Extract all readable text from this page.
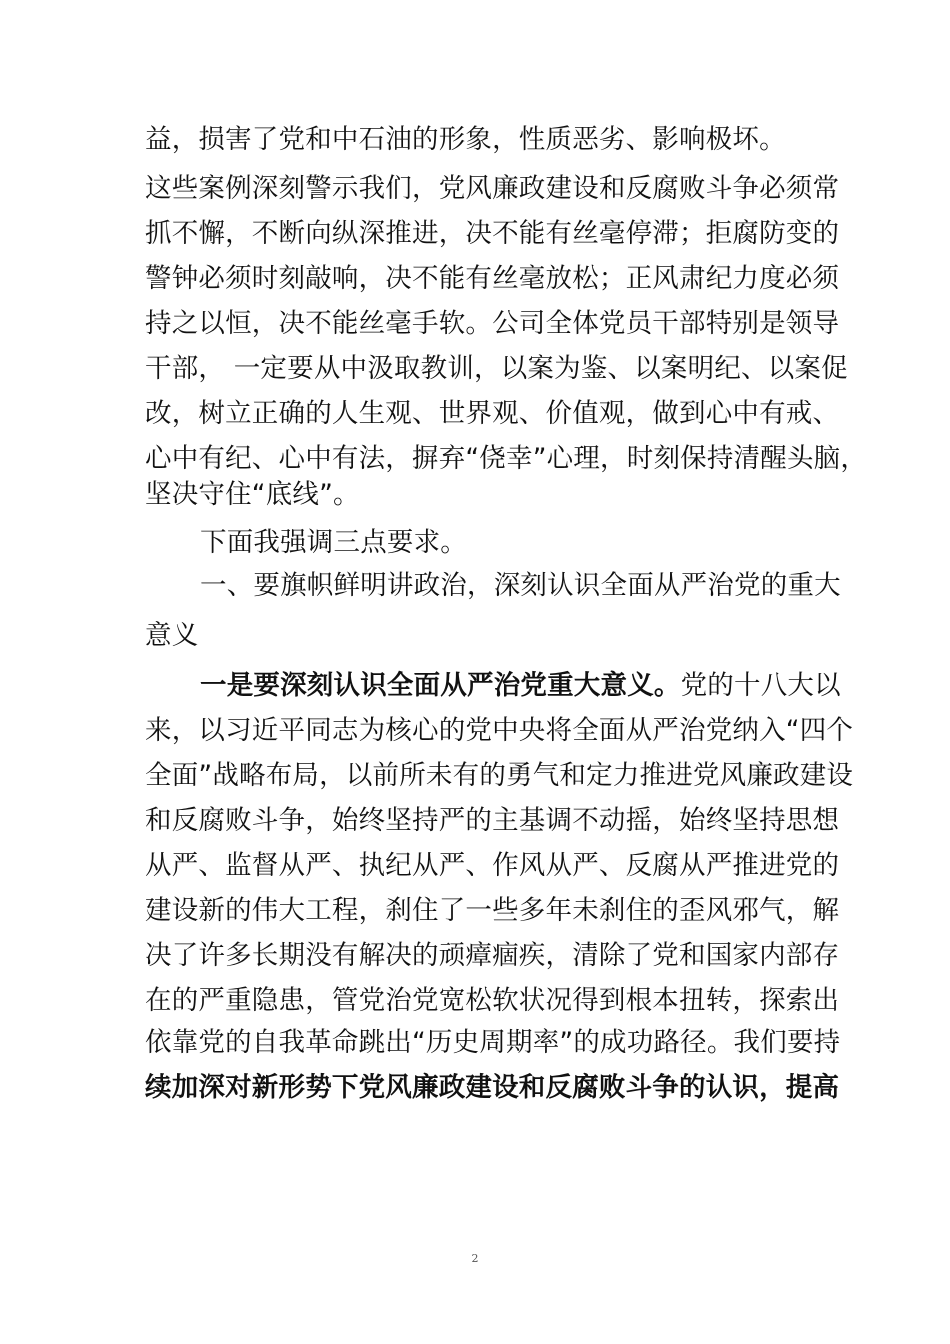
益，损害了党和中石油的形象，性质恶劣、影响极坏。
这些案例深刻警示我们，党风廉政建设和反腐败斗争必须常
抓不懈，不断向纵深推进，决不能有丝毫停滞；拒腐防变的
警钟必须时刻敲响，决不能有丝毫放松；正风肃纪力度必须
持之以恒，决不能丝毫手软。公司全体党员干部特别是领导
干部， 一定要从中汲取教训，以案为鉴、以案明纪、以案促
改，树立正确的人生观、世界观、价值观，做到心中有戒、
心中有纪、心中有法，摒弃“侥幸”心理，时刻保持清醒头脑，
坚决守住“底线”。
下面我强调三点要求。
一、要旗帜鲜明讲政治，深刻认识全面从严治党的重大
意义
一是要深刻认识全面从严治党重大意义。党的十八大以
来，以习近平同志为核心的党中央将全面从严治党纳入“四个
全面”战略布局，以前所未有的勇气和定力推进党风廉政建设
和反腐败斗争，始终坚持严的主基调不动摇，始终坚持思想
从严、监督从严、执纪从严、作风从严、反腐从严推进党的
建设新的伟大工程，刹住了一些多年未刹住的歪风邪气，解
决了许多长期没有解决的顽瘴痼疾，清除了党和国家内部存
在的严重隐患，管党治党宽松软状况得到根本扭转，探索出
依靠党的自我革命跳出“历史周期率”的成功路径。我们要持
续加深对新形势下党风廉政建设和反腐败斗争的认识，提高
2
